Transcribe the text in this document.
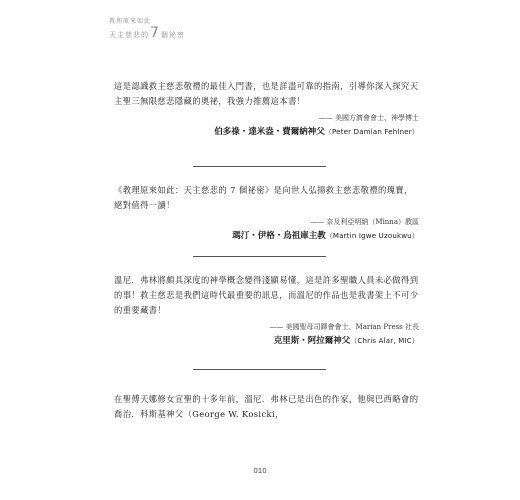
教理原來如此
天主慈悲的 7 個祕密

這是認識救主慈悲敬禮的最佳入門書，也是詳盡可靠的指南，引導你深入探究天主聖三無限慈悲隱藏的奧祕，我強力推薦這本書！

—— 美國方濟會會士、神學博士
伯多祿・達米盎・費爾納神父（Peter Damian Fehlner）

《教理原來如此：天主慈悲的 7 個祕密》是向世人弘揚救主慈悲敬禮的瑰寶，絕對值得一讀！

—— 奈及利亞明納（Minna）教區
瑪汀・伊格・烏祖庫主教（Martin Igwe Uzoukwu）

溫尼．弗林將頗具深度的神學概念變得淺顯易懂，這是許多聖職人員未必做得到的事！救主慈悲是我們這時代最重要的訊息，而溫尼的作品也是我書架上不可少的重要藏書！

—— 美國聖母司鐸會會士、Marian Press 社長
克里斯・阿拉爾神父（Chris Alar, MIC）

在聖傅天娜修女宣聖的十多年前，溫尼．弗林已是出色的作家，他與巴西略會的喬治．科斯基神父（George W. Kosicki，

010
